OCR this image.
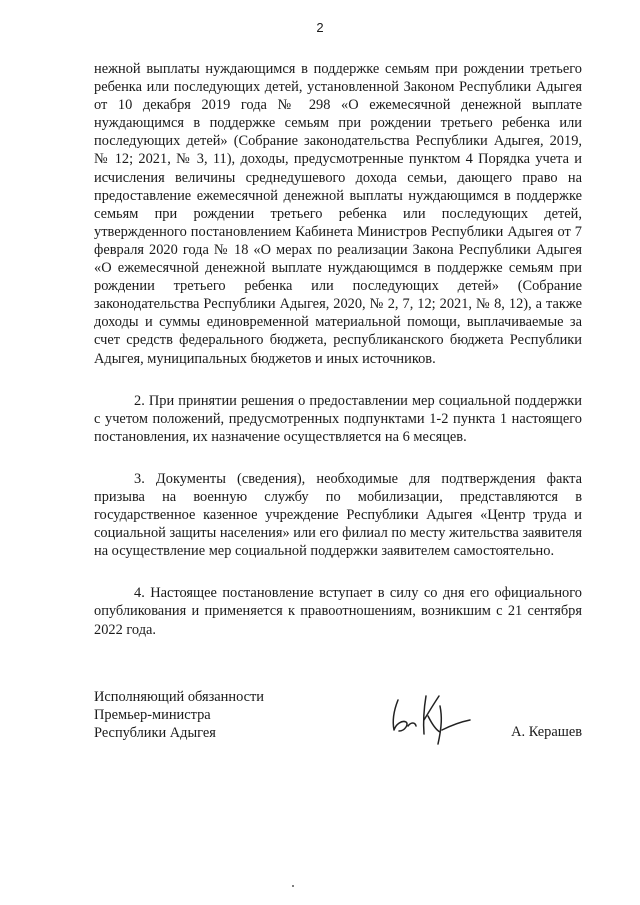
2

нежной выплаты нуждающимся в поддержке семьям при рождении третьего ребенка или последующих детей, установленной Законом Республики Адыгея от 10 декабря 2019 года № 298 «О ежемесячной денежной выплате нуждающимся в поддержке семьям при рождении третьего ребенка или последующих детей» (Собрание законодательства Республики Адыгея, 2019, № 12; 2021, № 3, 11), доходы, предусмотренные пунктом 4 Порядка учета и исчисления величины среднедушевого дохода семьи, дающего право на предоставление ежемесячной денежной выплаты нуждающимся в поддержке семьям при рождении третьего ребенка или последующих детей, утвержденного постановлением Кабинета Министров Республики Адыгея от 7 февраля 2020 года № 18 «О мерах по реализации Закона Республики Адыгея «О ежемесячной денежной выплате нуждающимся в поддержке семьям при рождении третьего ребенка или последующих детей» (Собрание законодательства Республики Адыгея, 2020, № 2, 7, 12; 2021, № 8, 12), а также доходы и суммы единовременной материальной помощи, выплачиваемые за счет средств федерального бюджета, республиканского бюджета Республики Адыгея, муниципальных бюджетов и иных источников.

2. При принятии решения о предоставлении мер социальной поддержки с учетом положений, предусмотренных подпунктами 1-2 пункта 1 настоящего постановления, их назначение осуществляется на 6 месяцев.

3. Документы (сведения), необходимые для подтверждения факта призыва на военную службу по мобилизации, представляются в государственное казенное учреждение Республики Адыгея «Центр труда и социальной защиты населения» или его филиал по месту жительства заявителя на осуществление мер социальной поддержки заявителем самостоятельно.

4. Настоящее постановление вступает в силу со дня его официального опубликования и применяется к правоотношениям, возникшим с 21 сентября 2022 года.

Исполняющий обязанности
Премьер-министра
Республики Адыгея	А. Керашев
